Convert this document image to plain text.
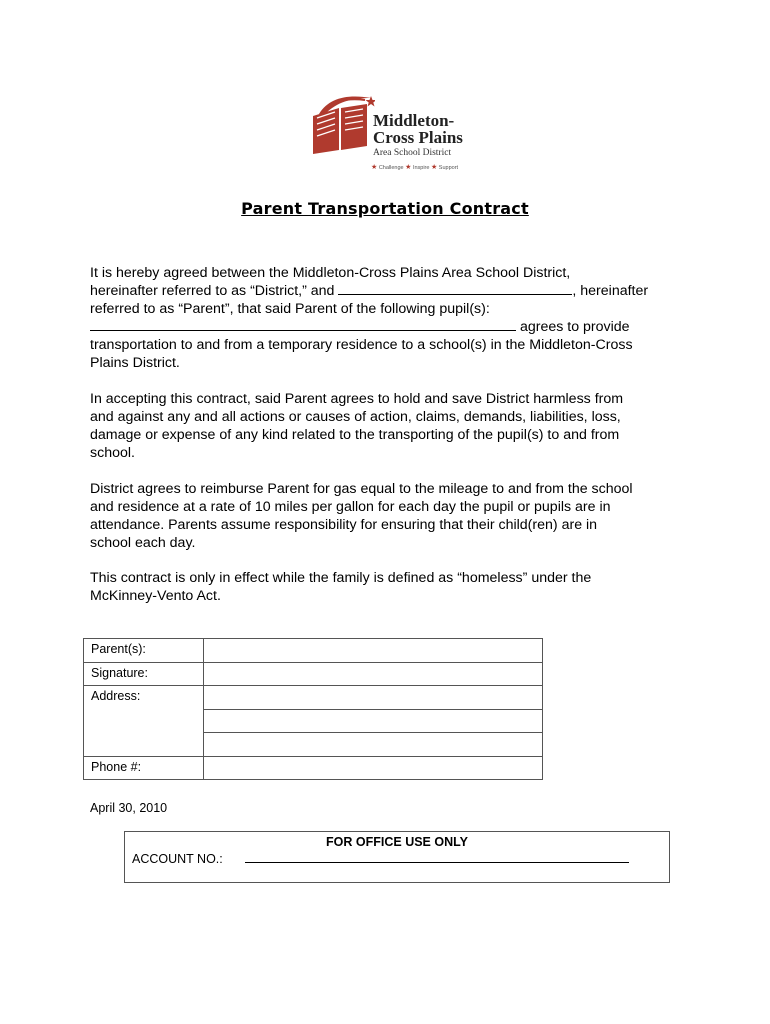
Middleton-
Cross Plains
Area School District
★ Challenge ★ Inspire ★ Support
Parent Transportation Contract
It is hereby agreed between the Middleton-Cross Plains Area School District,
hereinafter referred to as “District,” and	, hereinafter
referred to as “Parent”, that said Parent of the following pupil(s):
agrees to provide
transportation to and from a temporary residence to a school(s) in the Middleton-Cross
Plains District.
In accepting this contract, said Parent agrees to hold and save District harmless from
and against any and all actions or causes of action, claims, demands, liabilities, loss,
damage or expense of any kind related to the transporting of the pupil(s) to and from
school.
District agrees to reimburse Parent for gas equal to the mileage to and from the school
and residence at a rate of 10 miles per gallon for each day the pupil or pupils are in
attendance. Parents assume responsibility for ensuring that their child(ren) are in
school each day.
This contract is only in effect while the family is defined as “homeless” under the
McKinney-Vento Act.
Parent(s):	
Signature:	
Address:	

Phone #:	
April 30, 2010
FOR OFFICE USE ONLY
ACCOUNT NO.:
